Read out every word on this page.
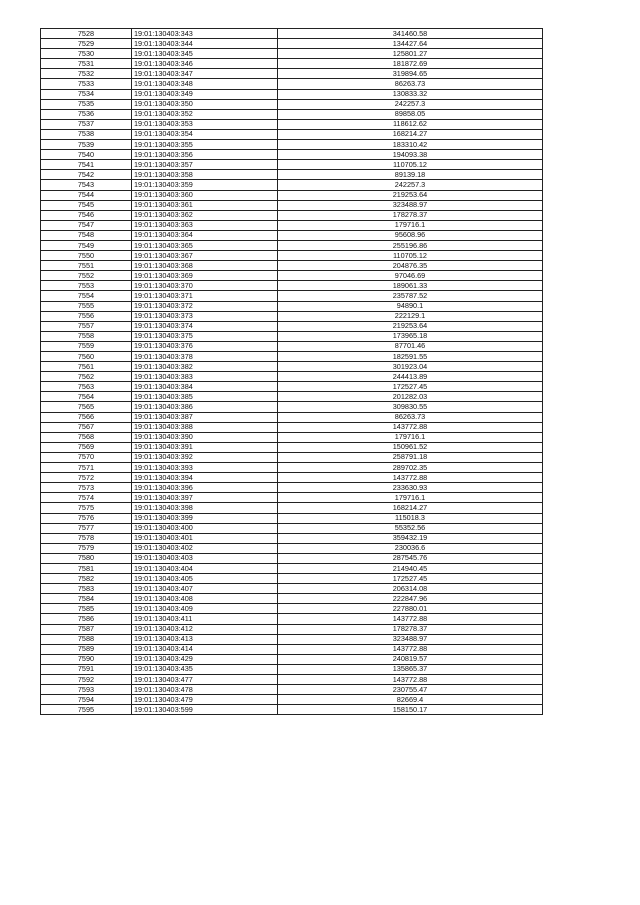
7528	19:01:130403:343	341460.58
7529	19:01:130403:344	134427.64
7530	19:01:130403:345	125801.27
7531	19:01:130403:346	181872.69
7532	19:01:130403:347	319894.65
7533	19:01:130403:348	86263.73
7534	19:01:130403:349	130833.32
7535	19:01:130403:350	242257.3
7536	19:01:130403:352	89858.05
7537	19:01:130403:353	118612.62
7538	19:01:130403:354	168214.27
7539	19:01:130403:355	183310.42
7540	19:01:130403:356	194093.38
7541	19:01:130403:357	110705.12
7542	19:01:130403:358	89139.18
7543	19:01:130403:359	242257.3
7544	19:01:130403:360	219253.64
7545	19:01:130403:361	323488.97
7546	19:01:130403:362	178278.37
7547	19:01:130403:363	179716.1
7548	19:01:130403:364	95608.96
7549	19:01:130403:365	255196.86
7550	19:01:130403:367	110705.12
7551	19:01:130403:368	204876.35
7552	19:01:130403:369	97046.69
7553	19:01:130403:370	189061.33
7554	19:01:130403:371	235787.52
7555	19:01:130403:372	94890.1
7556	19:01:130403:373	222129.1
7557	19:01:130403:374	219253.64
7558	19:01:130403:375	173965.18
7559	19:01:130403:376	87701.46
7560	19:01:130403:378	182591.55
7561	19:01:130403:382	301923.04
7562	19:01:130403:383	244413.89
7563	19:01:130403:384	172527.45
7564	19:01:130403:385	201282.03
7565	19:01:130403:386	309830.55
7566	19:01:130403:387	86263.73
7567	19:01:130403:388	143772.88
7568	19:01:130403:390	179716.1
7569	19:01:130403:391	150961.52
7570	19:01:130403:392	258791.18
7571	19:01:130403:393	289702.35
7572	19:01:130403:394	143772.88
7573	19:01:130403:396	233630.93
7574	19:01:130403:397	179716.1
7575	19:01:130403:398	168214.27
7576	19:01:130403:399	115018.3
7577	19:01:130403:400	55352.56
7578	19:01:130403:401	359432.19
7579	19:01:130403:402	230036.6
7580	19:01:130403:403	287545.76
7581	19:01:130403:404	214940.45
7582	19:01:130403:405	172527.45
7583	19:01:130403:407	206314.08
7584	19:01:130403:408	222847.96
7585	19:01:130403:409	227880.01
7586	19:01:130403:411	143772.88
7587	19:01:130403:412	178278.37
7588	19:01:130403:413	323488.97
7589	19:01:130403:414	143772.88
7590	19:01:130403:429	240819.57
7591	19:01:130403:435	135865.37
7592	19:01:130403:477	143772.88
7593	19:01:130403:478	230755.47
7594	19:01:130403:479	82669.4
7595	19:01:130403:599	158150.17
